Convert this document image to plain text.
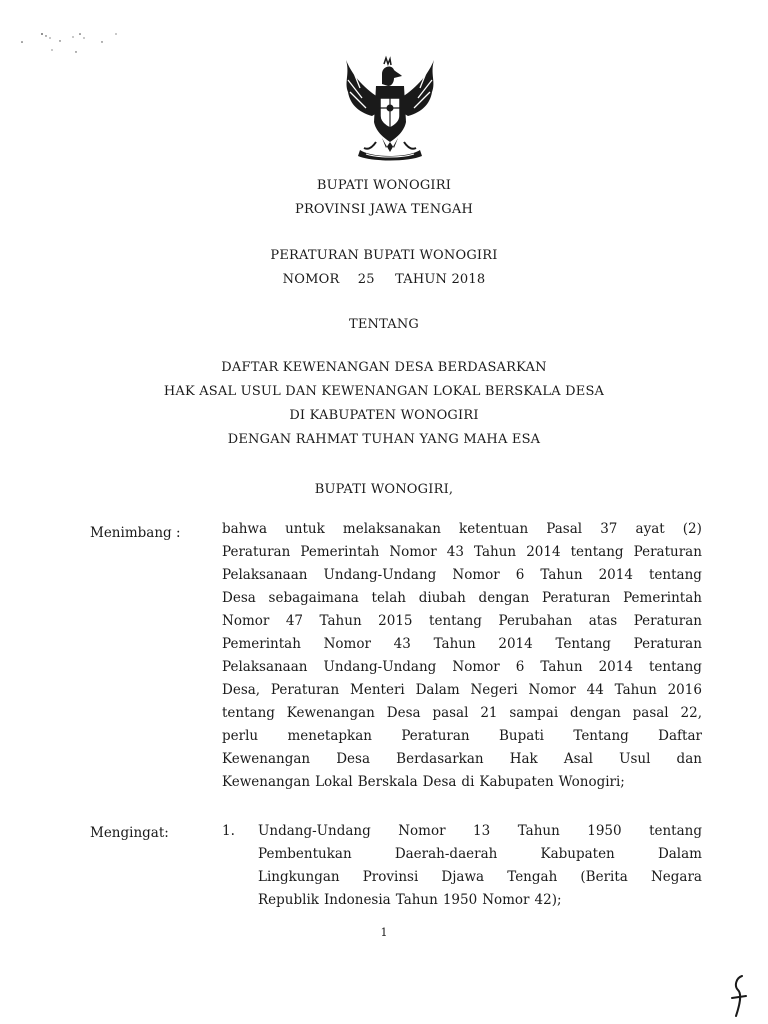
BUPATI WONOGIRI
PROVINSI JAWA TENGAH
PERATURAN BUPATI WONOGIRI
NOMOR 25 TAHUN 2018
TENTANG
DAFTAR KEWENANGAN DESA BERDASARKAN
HAK ASAL USUL DAN KEWENANGAN LOKAL BERSKALA DESA
DI KABUPATEN WONOGIRI
DENGAN RAHMAT TUHAN YANG MAHA ESA
BUPATI WONOGIRI,
Menimbang :	bahwa untuk melaksanakan ketentuan Pasal 37 ayat (2)
Peraturan Pemerintah Nomor 43 Tahun 2014 tentang Peraturan
Pelaksanaan Undang-Undang Nomor 6 Tahun 2014 tentang
Desa sebagaimana telah diubah dengan Peraturan Pemerintah
Nomor 47 Tahun 2015 tentang Perubahan atas Peraturan
Pemerintah Nomor 43 Tahun 2014 Tentang Peraturan
Pelaksanaan Undang-Undang Nomor 6 Tahun 2014 tentang
Desa, Peraturan Menteri Dalam Negeri Nomor 44 Tahun 2016
tentang Kewenangan Desa pasal 21 sampai dengan pasal 22,
perlu menetapkan Peraturan Bupati Tentang Daftar
Kewenangan Desa Berdasarkan Hak Asal Usul dan
Kewenangan Lokal Berskala Desa di Kabupaten Wonogiri;
Mengingat:	1. Undang-Undang Nomor 13 Tahun 1950 tentang
Pembentukan	Daerah-daerah	Kabupaten	Dalam
Lingkungan Provinsi Djawa Tengah (Berita Negara
Republik Indonesia Tahun 1950 Nomor 42);
1
